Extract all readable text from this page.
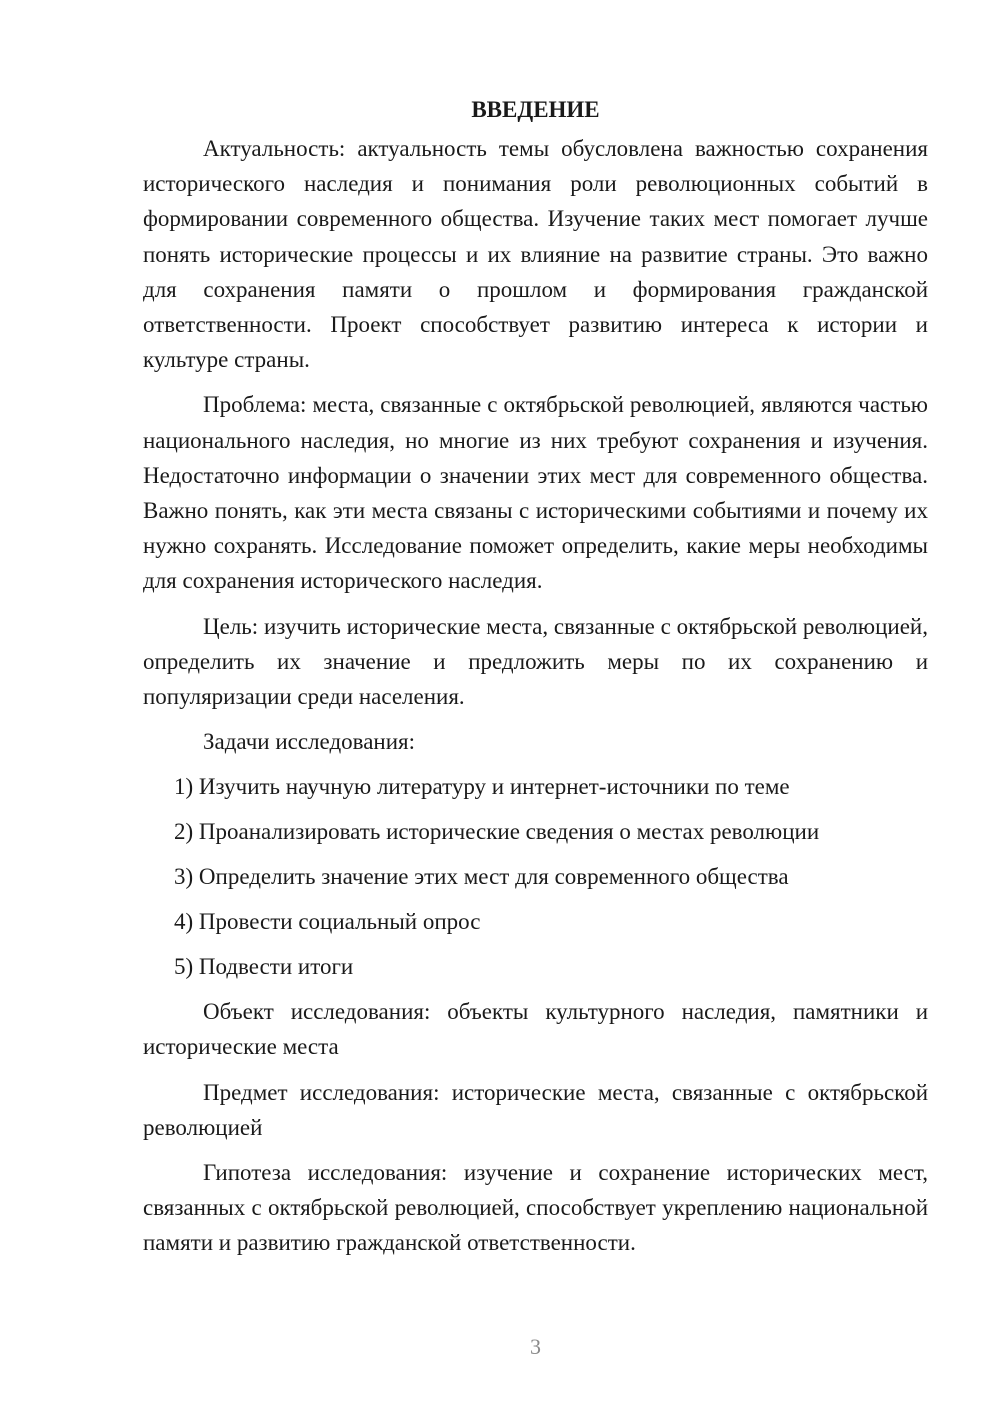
ВВЕДЕНИЕ

Актуальность: актуальность темы обусловлена важностью сохранения исторического наследия и понимания роли революционных событий в формировании современного общества. Изучение таких мест помогает лучше понять исторические процессы и их влияние на развитие страны. Это важно для сохранения памяти о прошлом и формирования гражданской ответственности. Проект способствует развитию интереса к истории и культуре страны.

Проблема: места, связанные с октябрьской революцией, являются частью национального наследия, но многие из них требуют сохранения и изучения. Недостаточно информации о значении этих мест для современного общества. Важно понять, как эти места связаны с историческими событиями и почему их нужно сохранять. Исследование поможет определить, какие меры необходимы для сохранения исторического наследия.

Цель: изучить исторические места, связанные с октябрьской революцией, определить их значение и предложить меры по их сохранению и популяризации среди населения.

Задачи исследования:

1) Изучить научную литературу и интернет-источники по теме
2) Проанализировать исторические сведения о местах революции
3) Определить значение этих мест для современного общества
4) Провести социальный опрос
5) Подвести итоги

Объект исследования: объекты культурного наследия, памятники и исторические места

Предмет исследования: исторические места, связанные с октябрьской революцией

Гипотеза исследования: изучение и сохранение исторических мест, связанных с октябрьской революцией, способствует укреплению национальной памяти и развитию гражданской ответственности.

3
